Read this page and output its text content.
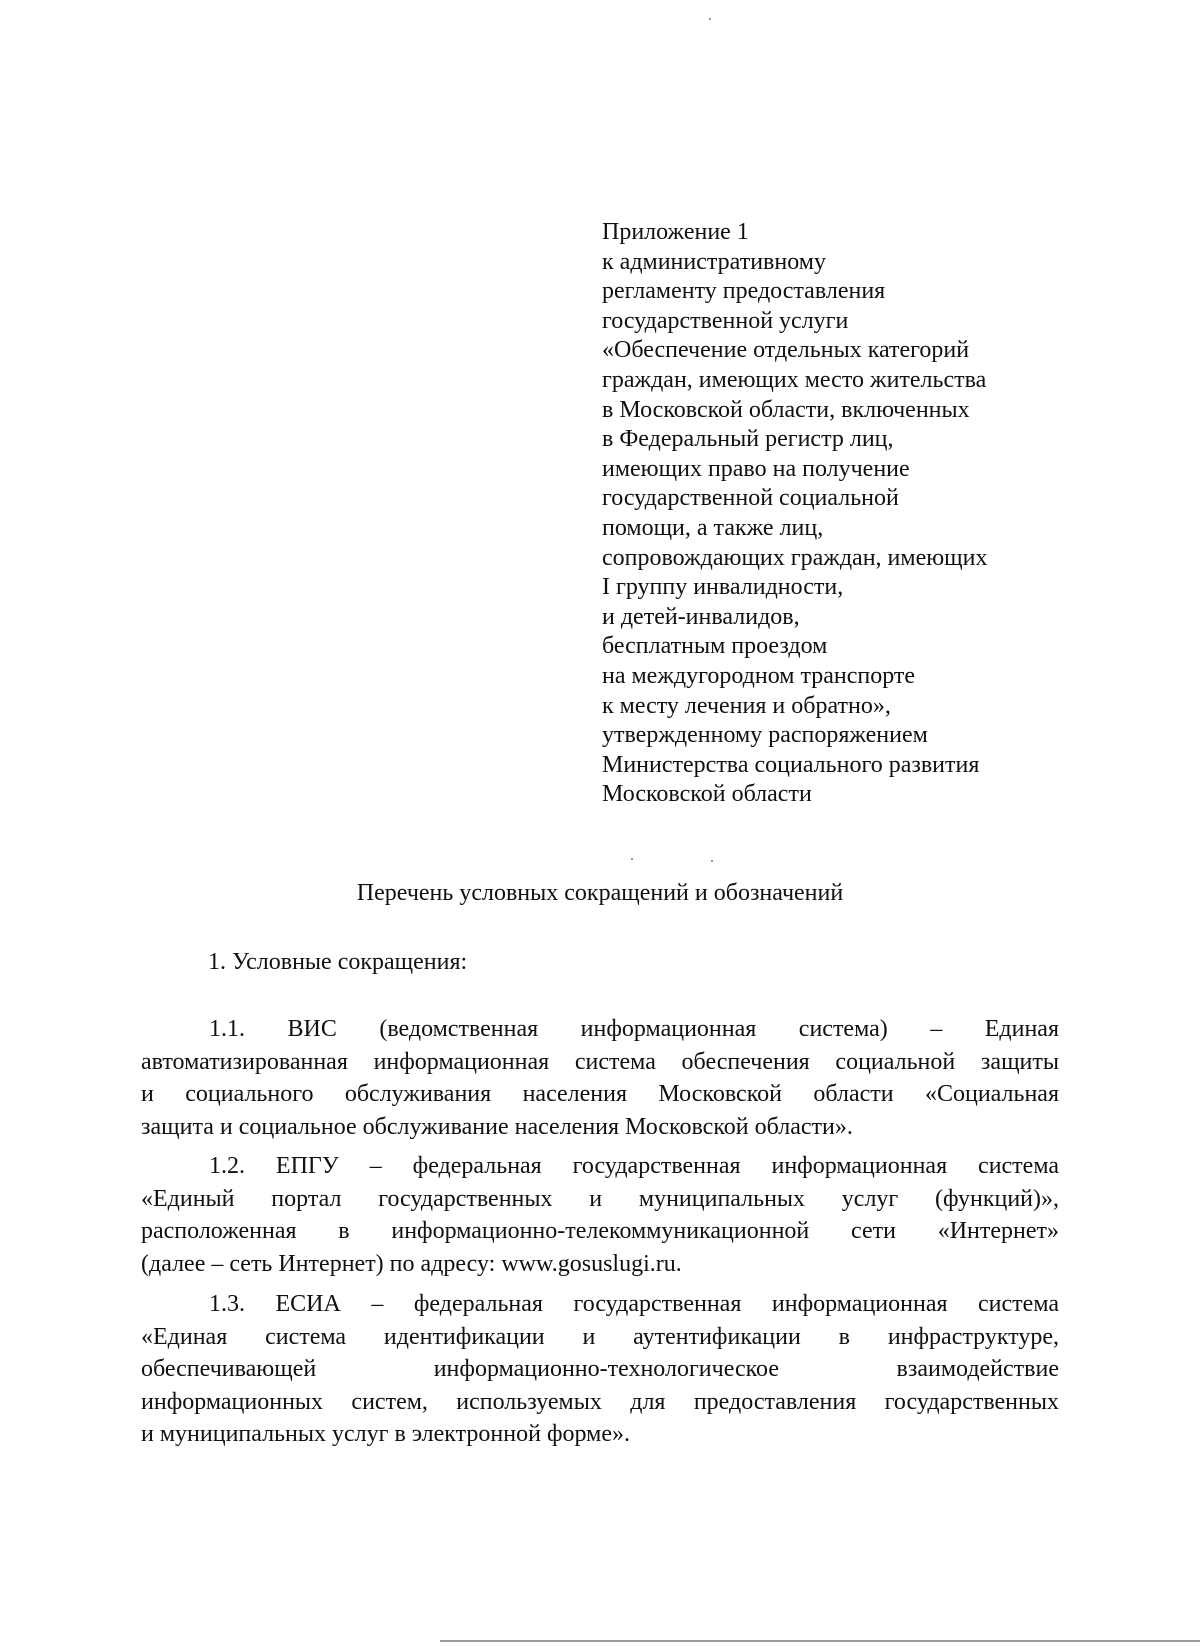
Приложение 1
к административному
регламенту предоставления
государственной услуги
«Обеспечение отдельных категорий
граждан, имеющих место жительства
в Московской области, включенных
в Федеральный регистр лиц,
имеющих право на получение
государственной социальной
помощи, а также лиц,
сопровождающих граждан, имеющих
I группу инвалидности,
и детей-инвалидов,
бесплатным проездом
на междугородном транспорте
к месту лечения и обратно»,
утвержденному распоряжением
Министерства социального развития
Московской области
Перечень условных сокращений и обозначений
1. Условные сокращения:
1.1. ВИС (ведомственная информационная система) – Единая
автоматизированная информационная система обеспечения социальной защиты
и социального обслуживания населения Московской области «Социальная
защита и социальное обслуживание населения Московской области».
1.2. ЕПГУ – федеральная государственная информационная система
«Единый портал государственных и муниципальных услуг (функций)»,
расположенная в информационно-телекоммуникационной сети «Интернет»
(далее – сеть Интернет) по адресу: www.gosuslugi.ru.
1.3. ЕСИА – федеральная государственная информационная система
«Единая система идентификации и аутентификации в инфраструктуре,
обеспечивающей информационно-технологическое взаимодействие
информационных систем, используемых для предоставления государственных
и муниципальных услуг в электронной форме».
